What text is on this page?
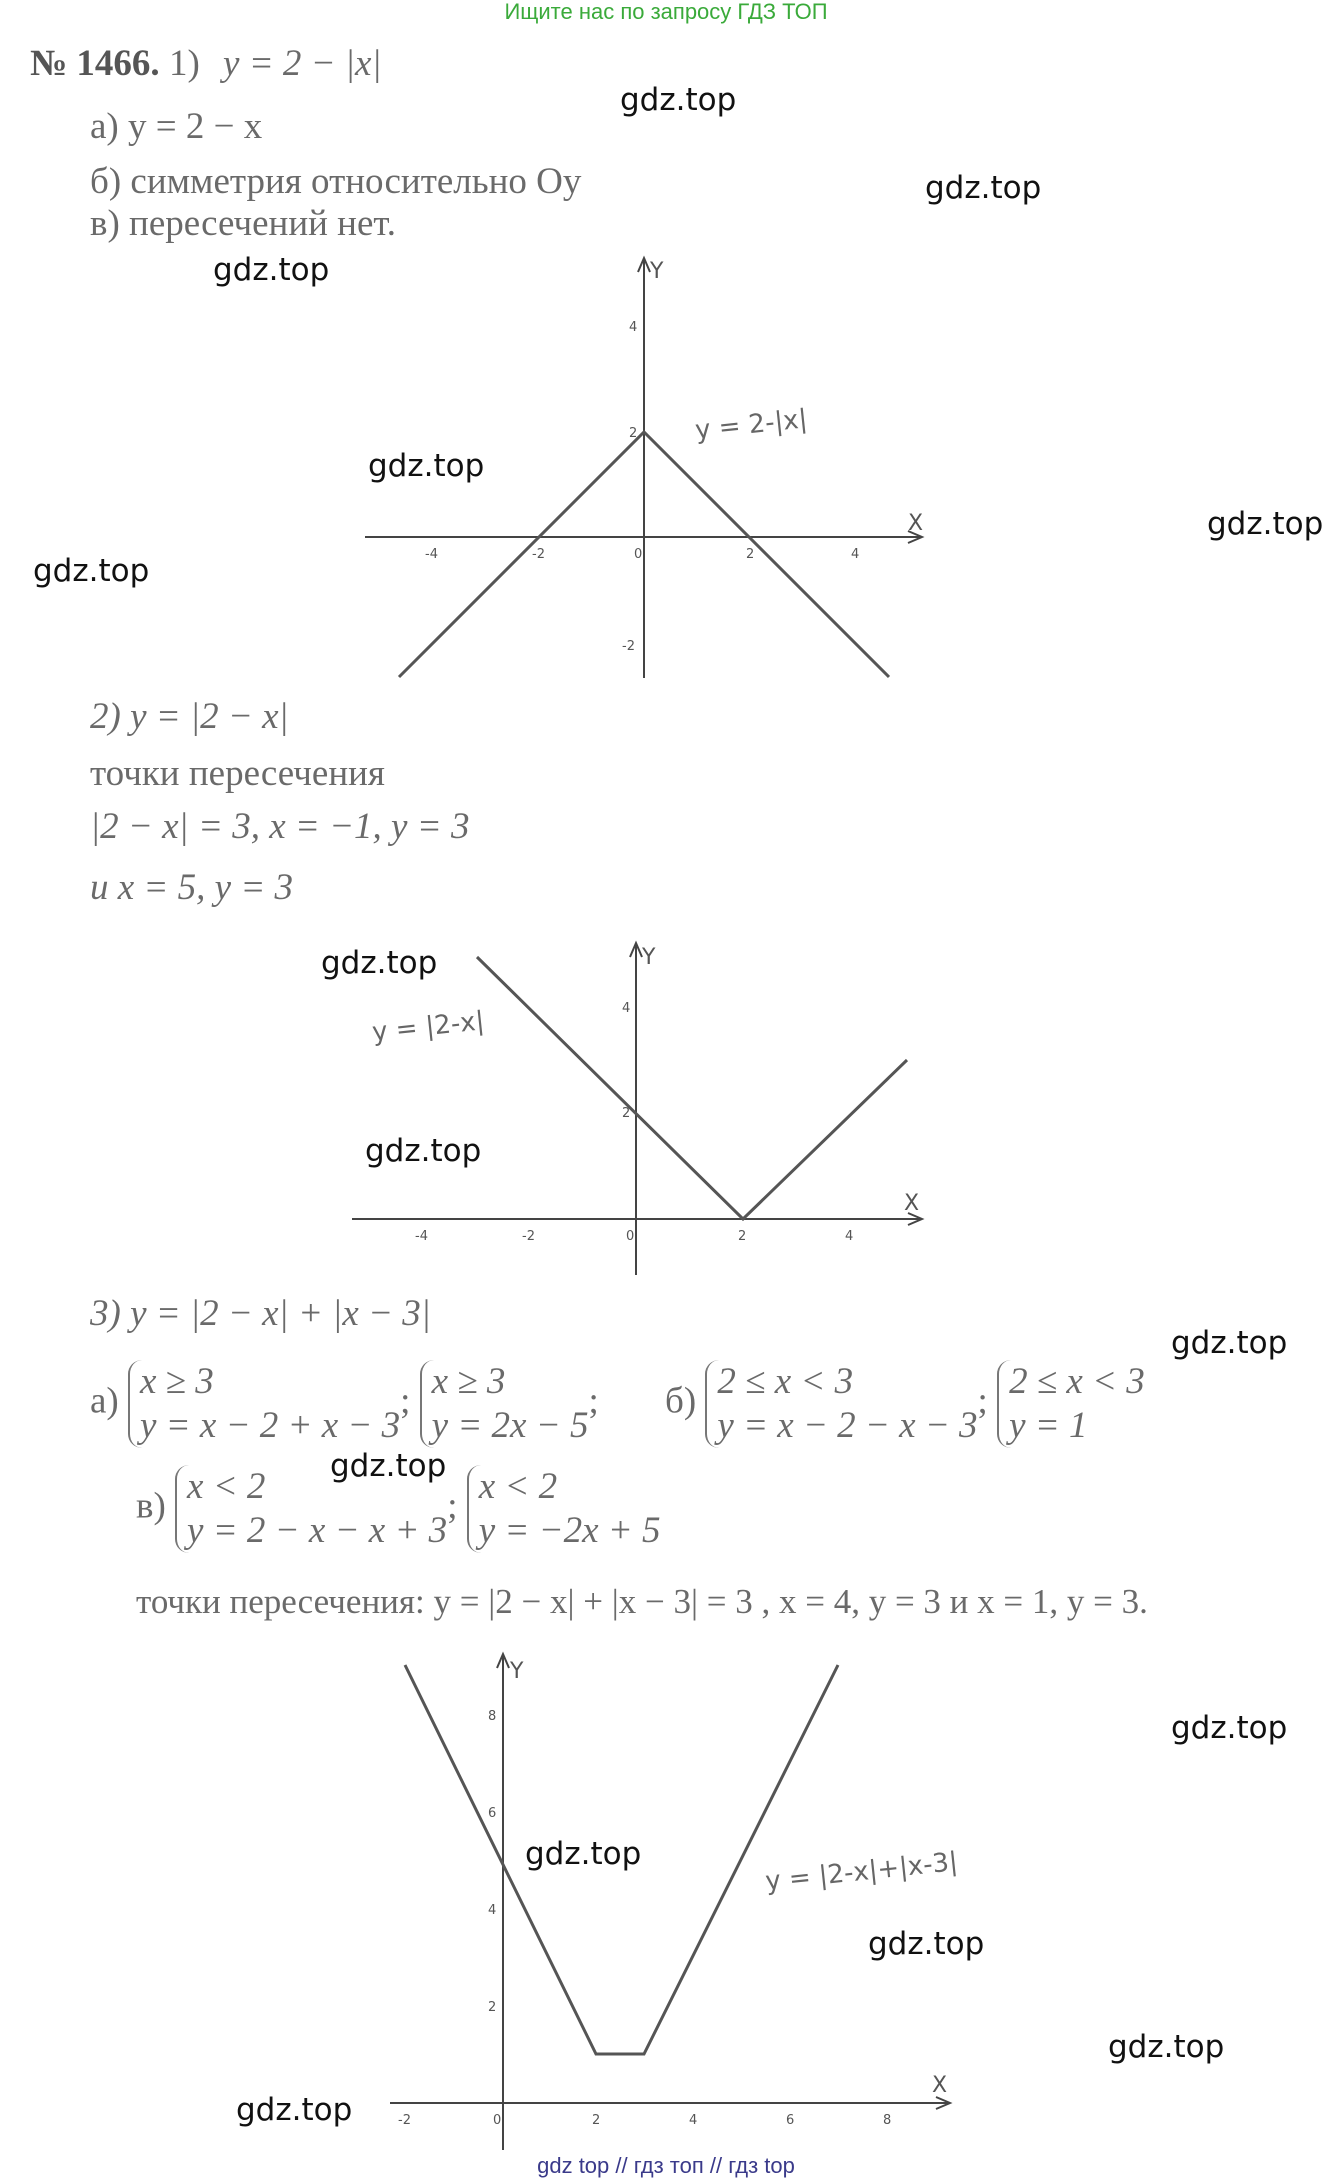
Ищите нас по запросу ГДЗ ТОП
№ 1466. 1) y = 2 − |x|
а) y = 2 − x
б) симметрия относительно Oy
в) пересечений нет.
2) y = |2 − x|
точки пересечения
|2 − x| = 3, x = −1, y = 3
и x = 5, y = 3
3) y = |2 − x| + |x − 3|
а) x ≥ 3
y = x − 2 + x − 3; x ≥ 3
y = 2x − 5; б) 2 ≤ x < 3
y = x − 2 − x − 3; 2 ≤ x < 3
y = 1
в) x < 2
y = 2 − x − x + 3; x < 2
y = −2x + 5
точки пересечения: y = |2 − x| + |x − 3| = 3 , x = 4, y = 3 и x = 1, y = 3.
X
Y
-4	-2	0	2	4
4
2
-2
X
Y
-4	-2	0	2	4
4
2
X
Y
-2	0	2	4	6	8
8
6
4
2
y = 2-|x|
y = |2-x|
y = |2-x|+|x-3|
gdz.top
gdz.top
gdz.top
gdz.top
gdz.top
gdz.top
gdz.top
gdz.top
gdz.top
gdz.top
gdz.top
gdz.top
gdz.top
gdz.top
gdz.top
gdz top // гдз топ // гдз top
